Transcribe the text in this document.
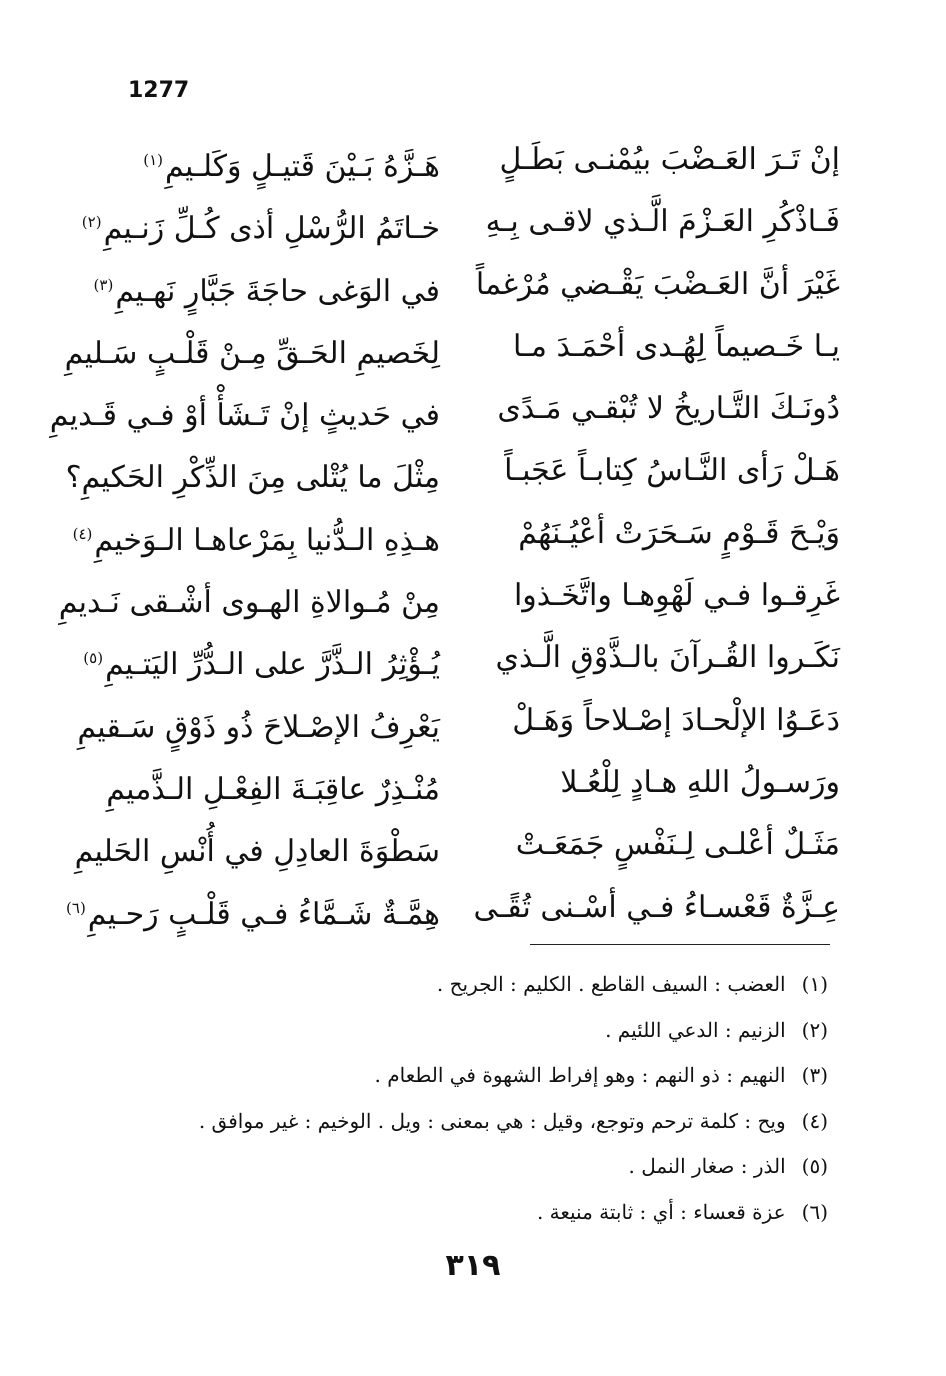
1277
إنْ تَـرَ العَـضْبَ بيُمْنـى بَطَـلٍ
هَـزَّهُ بَـيْنَ قَتيـلٍ وَكَلـيمِ$^{(١)}$
فَـاذْكُرِ العَـزْمَ الَّـذي لاقـى بِـهِ
خـاتَمُ الرُّسْلِ أذى كُـلِّ زَنـيمِ$^{(٢)}$
غَيْرَ أنَّ العَـضْبَ يَقْـضي مُرْغماً
في الوَغى حاجَةَ جَبَّارٍ نَهـيمِ$^{(٣)}$
يـا خَـصيماً لِهُـدى أحْمَـدَ مـا
لِخَصيمِ الحَـقِّ مِـنْ قَلْـبٍ سَـليمِ
دُونَـكَ التَّـاريخُ لا تُبْقـي مَـدًى
في حَديثٍ إنْ تَـشَأْ أوْ فـي قَـديمِ
هَـلْ رَأى النَّـاسُ كِتابـاً عَجَبـاً
مِثْلَ ما يُتْلى مِنَ الذِّكْرِ الحَكيمِ؟
وَيْـحَ قَـوْمٍ سَـحَرَتْ أعْيُـنَهُمْ
هـذِهِ الـدُّنيا بِمَرْعاهـا الـوَخيمِ$^{(٤)}$
غَرِقـوا فـي لَهْوِهـا واتَّخَـذوا
مِنْ مُـوالاةِ الهـوى أشْـقى نَـديمِ
نَكَـروا القُـرآنَ بالـذَّوْقِ الَّـذي
يُـؤْثِرُ الـذَّرَّ على الـدُّرِّ اليَتـيمِ$^{(٥)}$
دَعَـوُا الإلْحـادَ إصْـلاحاً وَهَـلْ
يَعْرِفُ الإصْـلاحَ ذُو ذَوْقٍ سَـقيمِ
ورَسـولُ اللهِ هـادٍ لِلْعُـلا
مُنْـذِرٌ عاقِبَـةَ الفِعْـلِ الـذَّميمِ
مَثَـلٌ أعْلـى لِـنَفْسٍ جَمَعَـتْ
سَطْوَةَ العادِلِ في أُنْسِ الحَليمِ
عِـزَّةٌ قَعْسـاءُ فـي أسْـنى تُقًـى
هِمَّـةٌ شَـمَّاءُ فـي قَلْـبٍ رَحـيمِ$^{(٦)}$
(١)العضب : السيف القاطع . الكليم : الجريح .
(٢)الزنيم : الدعي اللئيم .
(٣)النهيم : ذو النهم : وهو إفراط الشهوة في الطعام .
(٤)ويح : كلمة ترحم وتوجع، وقيل : هي بمعنى : ويل . الوخيم : غير موافق .
(٥)الذر : صغار النمل .
(٦)عزة قعساء : أي : ثابتة منيعة .
٣١٩
